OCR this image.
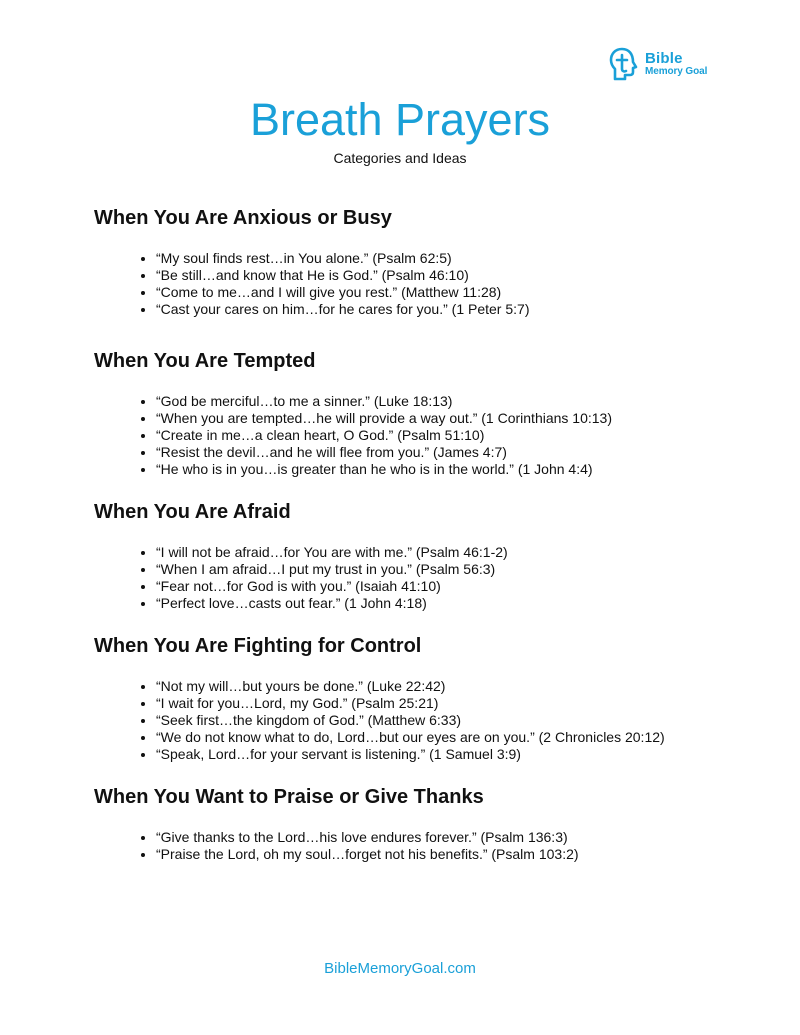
Bible
Memory Goal
Breath Prayers

Categories and Ideas

When You Are Anxious or Busy
• “My soul finds rest…in You alone.” (Psalm 62:5)
• “Be still…and know that He is God.” (Psalm 46:10)
• “Come to me…and I will give you rest.” (Matthew 11:28)
• “Cast your cares on him…for he cares for you.” (1 Peter 5:7)
When You Are Tempted
• “God be merciful…to me a sinner.” (Luke 18:13)
• “When you are tempted…he will provide a way out.” (1 Corinthians 10:13)
• “Create in me…a clean heart, O God.” (Psalm 51:10)
• “Resist the devil…and he will flee from you.” (James 4:7)
• “He who is in you…is greater than he who is in the world.” (1 John 4:4)
When You Are Afraid
• “I will not be afraid…for You are with me.” (Psalm 46:1-2)
• “When I am afraid…I put my trust in you.” (Psalm 56:3)
• “Fear not…for God is with you.” (Isaiah 41:10)
• “Perfect love…casts out fear.” (1 John 4:18)
When You Are Fighting for Control
• “Not my will…but yours be done.” (Luke 22:42)
• “I wait for you…Lord, my God.” (Psalm 25:21)
• “Seek first…the kingdom of God.” (Matthew 6:33)
• “We do not know what to do, Lord…but our eyes are on you.” (2 Chronicles 20:12)
• “Speak, Lord…for your servant is listening.” (1 Samuel 3:9)
When You Want to Praise or Give Thanks
• “Give thanks to the Lord…his love endures forever.” (Psalm 136:3)
• “Praise the Lord, oh my soul…forget not his benefits.” (Psalm 103:2)
BibleMemoryGoal.com
